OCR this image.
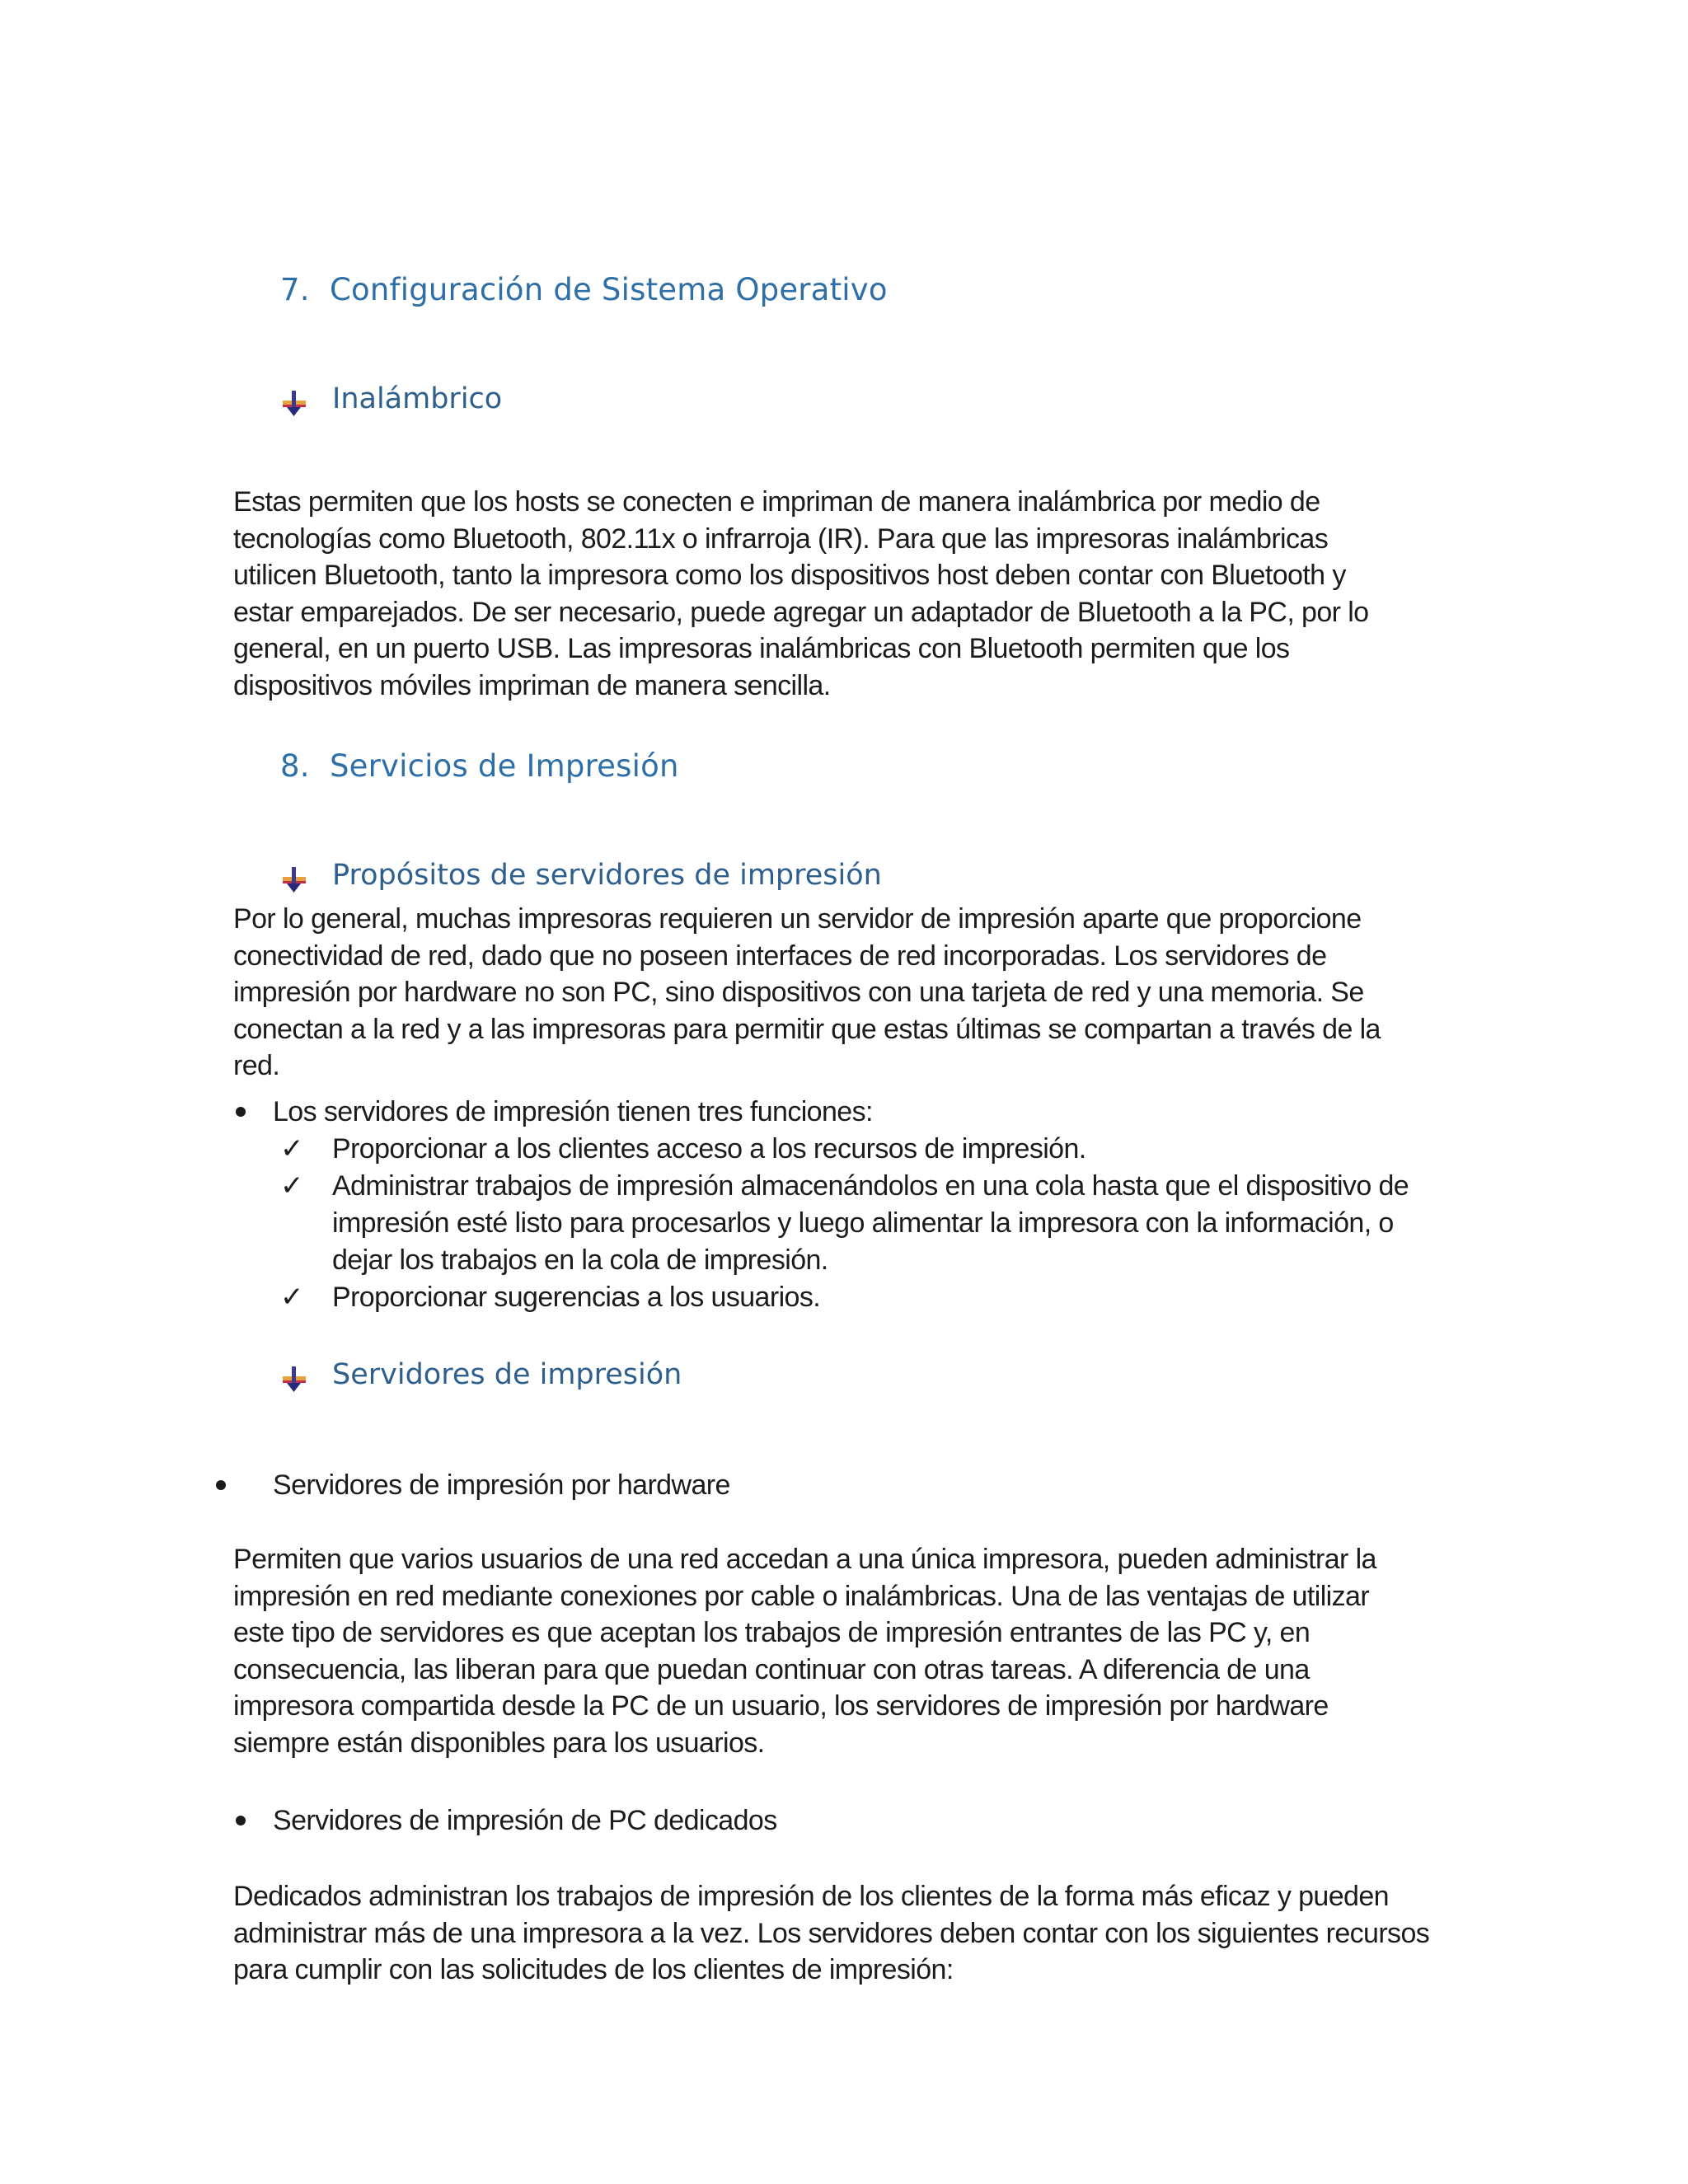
7. Configuración de Sistema Operativo
Inalámbrico
Estas permiten que los hosts se conecten e impriman de manera inalámbrica por medio de
tecnologías como Bluetooth, 802.11x o infrarroja (IR). Para que las impresoras inalámbricas
utilicen Bluetooth, tanto la impresora como los dispositivos host deben contar con Bluetooth y
estar emparejados. De ser necesario, puede agregar un adaptador de Bluetooth a la PC, por lo
general, en un puerto USB. Las impresoras inalámbricas con Bluetooth permiten que los
dispositivos móviles impriman de manera sencilla.
8. Servicios de Impresión
Propósitos de servidores de impresión
Por lo general, muchas impresoras requieren un servidor de impresión aparte que proporcione
conectividad de red, dado que no poseen interfaces de red incorporadas. Los servidores de
impresión por hardware no son PC, sino dispositivos con una tarjeta de red y una memoria. Se
conectan a la red y a las impresoras para permitir que estas últimas se compartan a través de la
red.
Los servidores de impresión tienen tres funciones:
✓ Proporcionar a los clientes acceso a los recursos de impresión.
✓ Administrar trabajos de impresión almacenándolos en una cola hasta que el dispositivo de
impresión esté listo para procesarlos y luego alimentar la impresora con la información, o
dejar los trabajos en la cola de impresión.
✓ Proporcionar sugerencias a los usuarios.
Servidores de impresión
Servidores de impresión por hardware
Permiten que varios usuarios de una red accedan a una única impresora, pueden administrar la
impresión en red mediante conexiones por cable o inalámbricas. Una de las ventajas de utilizar
este tipo de servidores es que aceptan los trabajos de impresión entrantes de las PC y, en
consecuencia, las liberan para que puedan continuar con otras tareas. A diferencia de una
impresora compartida desde la PC de un usuario, los servidores de impresión por hardware
siempre están disponibles para los usuarios.
Servidores de impresión de PC dedicados
Dedicados administran los trabajos de impresión de los clientes de la forma más eficaz y pueden
administrar más de una impresora a la vez. Los servidores deben contar con los siguientes recursos
para cumplir con las solicitudes de los clientes de impresión:
